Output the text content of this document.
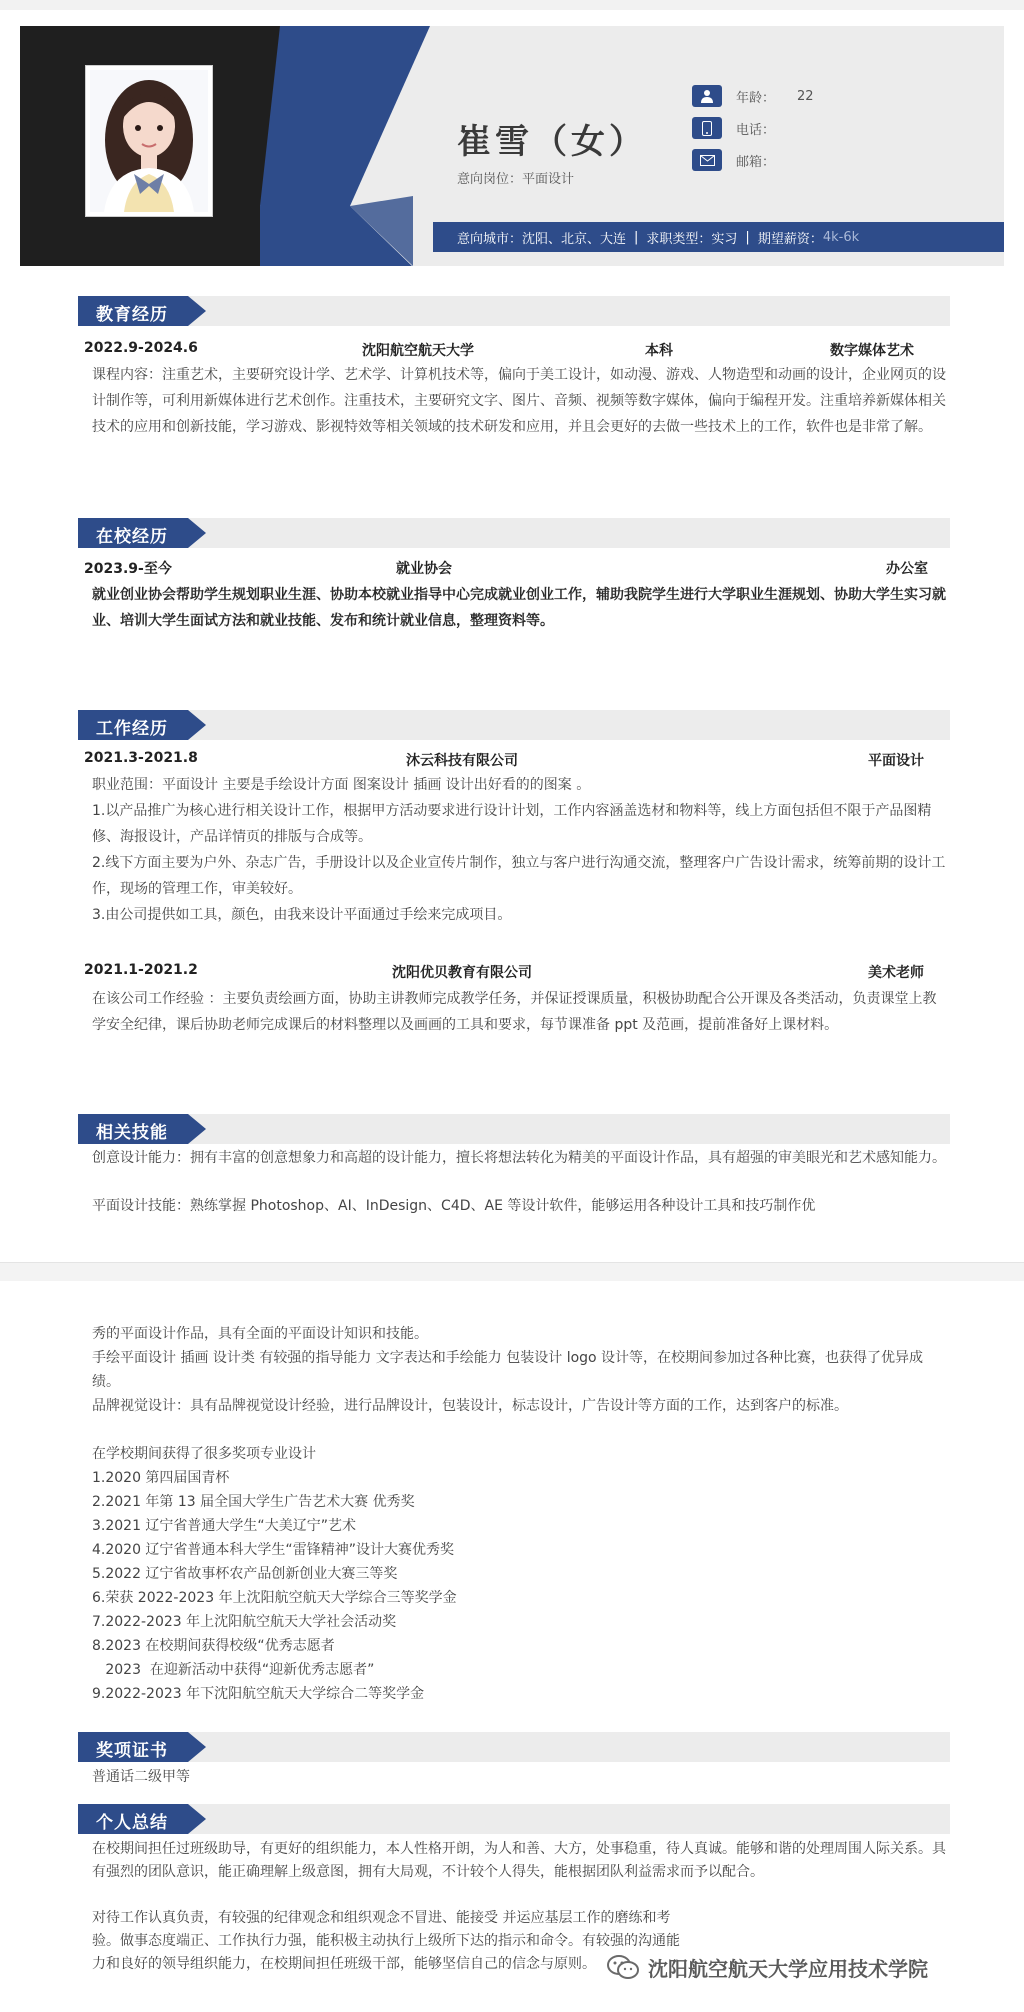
崔雪（女）
意向岗位：平面设计
年龄： 22
电话：
邮箱：
意向城市：沈阳、北京、大连 | 求职类型：实习 | 期望薪资： 4k-6k
教育经历
2022.9-2024.6	沈阳航空航天大学	本科	数字媒体艺术
课程内容：注重艺术，主要研究设计学、艺术学、计算机技术等，偏向于美工设计，如动漫、游戏、人物造型和动画的设计，企业网页的设计制作等，可利用新媒体进行艺术创作。注重技术，主要研究文字、图片、音频、视频等数字媒体，偏向于编程开发。注重培养新媒体相关技术的应用和创新技能，学习游戏、影视特效等相关领域的技术研发和应用，并且会更好的去做一些技术上的工作，软件也是非常了解。
在校经历
2023.9-至今	就业协会	办公室
就业创业协会帮助学生规划职业生涯、协助本校就业指导中心完成就业创业工作，辅助我院学生进行大学职业生涯规划、协助大学生实习就业、培训大学生面试方法和就业技能、发布和统计就业信息，整理资料等。
工作经历
2021.3-2021.8	沐云科技有限公司	平面设计
职业范围：平面设计 主要是手绘设计方面 图案设计 插画 设计出好看的的图案 。
1.以产品推广为核心进行相关设计工作，根据甲方活动要求进行设计计划，工作内容涵盖选材和物料等，线上方面包括但不限于产品图精修、海报设计，产品详情页的排版与合成等。
2.线下方面主要为户外、杂志广告，手册设计以及企业宣传片制作，独立与客户进行沟通交流，整理客户广告设计需求，统筹前期的设计工作，现场的管理工作，审美较好。
3.由公司提供如工具，颜色，由我来设计平面通过手绘来完成项目。
2021.1-2021.2	沈阳优贝教育有限公司	美术老师
在该公司工作经验 ：主要负责绘画方面，协助主讲教师完成教学任务，并保证授课质量，积极协助配合公开课及各类活动，负责课堂上教学安全纪律，课后协助老师完成课后的材料整理以及画画的工具和要求，每节课准备 ppt 及范画，提前准备好上课材料。
相关技能
创意设计能力：拥有丰富的创意想象力和高超的设计能力，擅长将想法转化为精美的平面设计作品，具有超强的审美眼光和艺术感知能力。
平面设计技能：熟练掌握 Photoshop、AI、InDesign、C4D、AE 等设计软件，能够运用各种设计工具和技巧制作优
秀的平面设计作品，具有全面的平面设计知识和技能。
手绘平面设计 插画 设计类 有较强的指导能力 文字表达和手绘能力 包装设计 logo 设计等，在校期间参加过各种比赛，也获得了优异成绩。
品牌视觉设计：具有品牌视觉设计经验，进行品牌设计，包装设计，标志设计，广告设计等方面的工作，达到客户的标准。
在学校期间获得了很多奖项专业设计
1.2020 第四届国青杯
2.2021 年第 13 届全国大学生广告艺术大赛 优秀奖
3.2021 辽宁省普通大学生“大美辽宁”艺术
4.2020 辽宁省普通本科大学生“雷锋精神”设计大赛优秀奖
5.2022 辽宁省故事杯农产品创新创业大赛三等奖
6.荣获 2022-2023 年上沈阳航空航天大学综合三等奖学金
7.2022-2023 年上沈阳航空航天大学社会活动奖
8.2023 在校期间获得校级“优秀志愿者
2023  在迎新活动中获得“迎新优秀志愿者”
9.2022-2023 年下沈阳航空航天大学综合二等奖学金
奖项证书
普通话二级甲等
个人总结
在校期间担任过班级助导，有更好的组织能力，本人性格开朗，为人和善、大方，处事稳重，待人真诚。能够和谐的处理周围人际关系。具有强烈的团队意识，能正确理解上级意图，拥有大局观，不计较个人得失，能根据团队利益需求而予以配合。
对待工作认真负责，有较强的纪律观念和组织观念不冒进、能接受 并运应基层工作的磨练和考验。做事态度端正、工作执行力强，能积极主动执行上级所下达的指示和命令。有较强的沟通能力和良好的领导组织能力，在校期间担任班级干部，能够坚信自己的信念与原则。	沈阳航空航天大学应用技术学院
